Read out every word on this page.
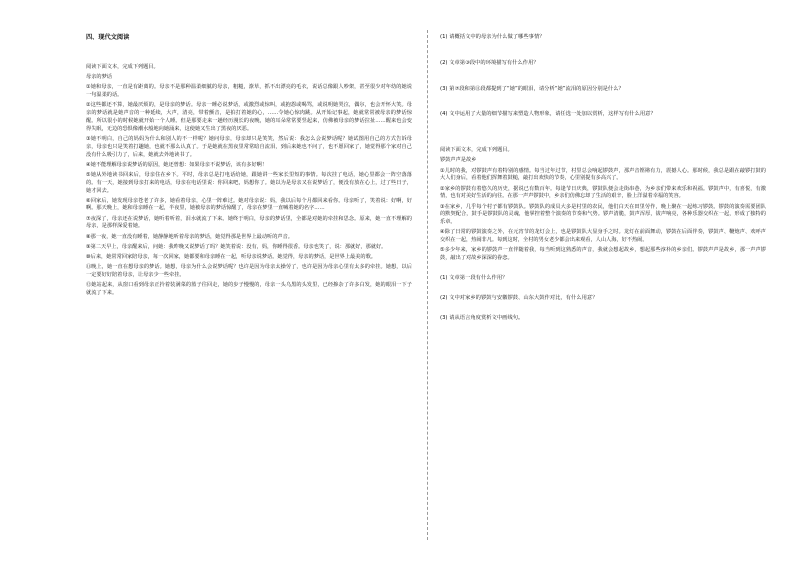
四、现代文阅读
阅读下面文本，完成下列题目。
母亲的梦话
①她和母亲，一直是有距离的。母亲不是那种温柔细腻的母亲，粗糙，潦草，抓不出漂亮的毛衣，说话总像跟人吵架，甚至很少对年幼的她说一句温柔的话。
②这些都还不算，她最厌烦的，是母亲的梦话。母亲一睡必说梦话，或激烈或惊叫，或抱怨或喝骂，或说明她哭泣，偶尔，也会开怀大笑。母亲的梦话就是她声音的一种延续，大声，清亮，带着颤音，是拍打着她的心，……令她心惊肉跳。从开始记事起，她就常常被母亲的梦话惊醒。所以很小的时候她就开始一个人睡。但是那要走来一趟经历漫长的夜晚，她的耳朵常常要竖起来，仿佛被母亲的梦话拉扯……醒来也会变得失眠，无边的恐惧像潮水般地向她涌来，这使她又生出了黑夜的厌恶。
③她不明白，自己的妈妈为什么和别人的不一样呢？她问母亲，母亲却只是笑笑，然后说：我怎么会说梦话呢？她试图用自己的方式告诉母亲，母亲也只是笑着打趣她，也就不那么认真了。于是她就在黑夜里常常暗自流泪，到后来她也不问了，也不愿回家了，她觉得那个家对自己没有什么吸引力了，后来，她就去外地读书了。
④她不能理解母亲说梦话的原因，她还曾想：如果母亲不说梦话，该有多好啊！
⑤她从外地读书回来后，母亲住在乡下。平时，母亲总是打电话给她，跟她讲一些家长里短的事情。每次挂了电话，她心里都会一阵空落落的。有一天，她接到母亲打来的电话，母亲在电话里说：你回来吧，妈想你了。她以为是母亲又在说梦话了，便没有放在心上，过了些日子，她才回去。
⑥回家后，她发现母亲苍老了许多，她看着母亲，心里一阵难过。她对母亲说：妈，我以后每个月都回来看你。母亲听了，笑着说：好啊，好啊。那天晚上，她和母亲睡在一起，半夜里，她被母亲的梦话惊醒了，母亲在梦里一直喊着她的名字……
⑦夜深了，母亲还在说梦话，她听着听着，泪水就流了下来。她终于明白，母亲的梦话里，全都是对她的牵挂和思念。原来，她一直不理解的母亲，是那样深爱着她。
⑧那一夜，她一直没有睡着，她静静地听着母亲的梦话，她觉得那是世界上最动听的声音。
⑨第二天早上，母亲醒来后，问她：我昨晚又说梦话了吗？她笑着说：没有，妈，你睡得很香。母亲也笑了，说：那就好，那就好。
⑩后来，她常常回家陪母亲，每一次回家，她都要和母亲睡在一起，听母亲说梦话。她觉得，母亲的梦话，是世界上最美的歌。
⑪晚上，她一直在想母亲的梦话。她想，母亲为什么会说梦话呢？也许是因为母亲太操劳了，也许是因为母亲心里有太多的牵挂。她想，以后一定要好好陪着母亲，让母亲少一些牵挂。
⑫她站起来，从窗口看到母亲正拎着装满菜的篮子往回走，她的步子慢慢的，母亲一头乌黑的头发里，已经掺杂了许多白发，她的眼泪一下子就流了下来。
(1) 请概括文中的母亲为什么做了哪些事情？
(2) 文章第③段中的环境描写有什么作用？
(3) 第⑦段和第⑪段都提到了“她”的眼泪，请分析“她”流泪的原因分别是什么？
(4) 文中运用了大量的细节描写来塑造人物形象，请任选一处加以赏析，这样写有什么用意？
阅读下面文本，完成下列题目。
锣鼓声声是故乡
①儿时的我，对锣鼓声有着特别的感情。每当过年过节，村里总会响起锣鼓声，那声音铿锵有力，震撼人心。那时候，我总是跟在敲锣打鼓的大人们身后，看着他们挥舞着鼓槌，敲打出欢快的节奏，心里别提有多高兴了。
②家乡的锣鼓有着悠久的历史，据说已有数百年。每逢节日庆典，锣鼓队便会走街串巷，为乡亲们带来欢乐和祝福。锣鼓声中，有喜悦，有激情，也有对美好生活的向往。在那一声声锣鼓中，乡亲们仿佛忘却了生活的艰辛，脸上洋溢着幸福的笑容。
③在家乡，几乎每个村子都有锣鼓队。锣鼓队的成员大多是村里的农民，他们白天在田里劳作，晚上聚在一起练习锣鼓。锣鼓的演奏需要团队的默契配合，鼓手是锣鼓队的灵魂，他掌控着整个演奏的节奏和气势。锣声清脆，鼓声浑厚，钹声响亮，各种乐器交织在一起，形成了独特的乐章。
④除了日常的锣鼓演奏之外，在元宵节的龙灯会上，也是锣鼓队大显身手之时。龙灯在前面舞动，锣鼓在后面伴奏，锣鼓声、鞭炮声、欢呼声交织在一起，热闹非凡。每到这时，全村的男女老少都会出来观看，人山人海，好不热闹。
⑤多少年来，家乡的锣鼓声一直伴随着我，每当听到这熟悉的声音，我就会想起故乡，想起那些淳朴的乡亲们。锣鼓声声是故乡，那一声声锣鼓，敲出了对故乡深深的眷恋。
(1) 文章第一段有什么作用？
(2) 文中对家乡的锣鼓与安徽锣鼓、山东大鼓作对比，有什么用意？
(3) 请从语言角度赏析文中画线句。
